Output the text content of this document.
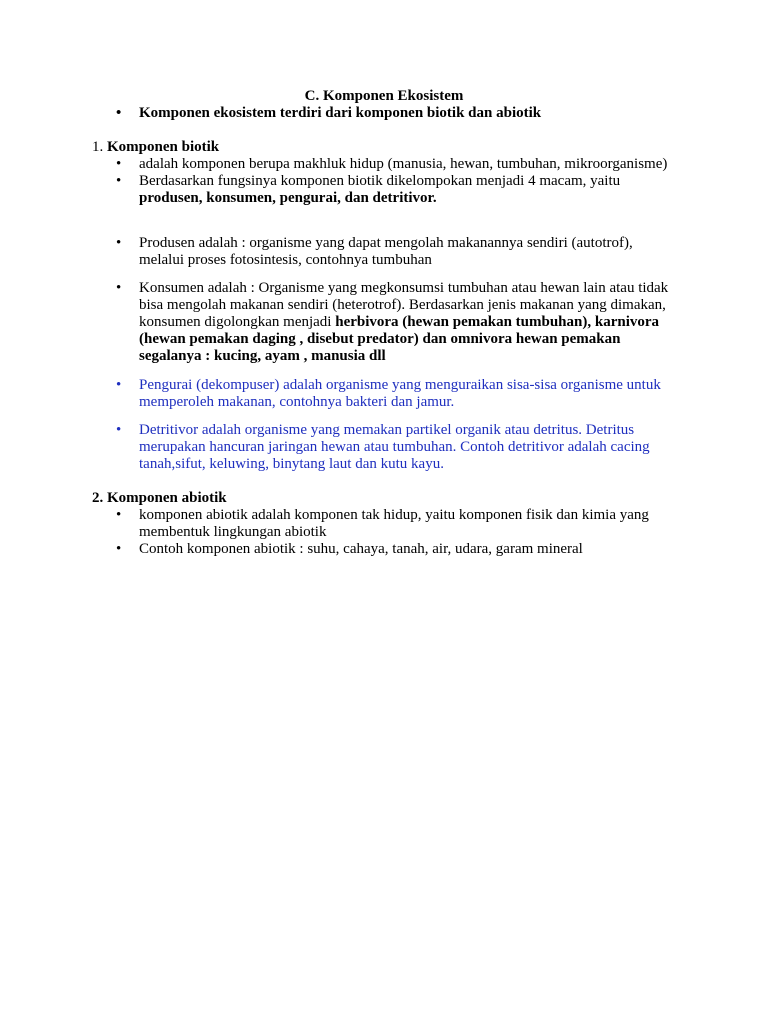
C. Komponen Ekosistem
• Komponen ekosistem terdiri dari komponen biotik dan abiotik
1. Komponen biotik
• adalah komponen berupa makhluk hidup (manusia, hewan, tumbuhan, mikroorganisme)
• Berdasarkan fungsinya komponen biotik dikelompokan menjadi 4 macam, yaitu produsen, konsumen, pengurai, dan detritivor.
• Produsen adalah : organisme yang dapat mengolah makanannya sendiri (autotrof), melalui proses fotosintesis, contohnya tumbuhan
• Konsumen adalah : Organisme yang megkonsumsi tumbuhan atau hewan lain atau tidak bisa mengolah makanan sendiri (heterotrof). Berdasarkan jenis makanan yang dimakan, konsumen digolongkan menjadi herbivora (hewan pemakan tumbuhan), karnivora (hewan pemakan daging , disebut predator) dan omnivora hewan pemakan segalanya : kucing, ayam , manusia dll
• Pengurai (dekompuser) adalah organisme yang menguraikan sisa-sisa organisme untuk memperoleh makanan, contohnya bakteri dan jamur.
• Detritivor adalah organisme yang memakan partikel organik atau detritus. Detritus merupakan hancuran jaringan hewan atau tumbuhan. Contoh detritivor adalah cacing tanah,sifut, keluwing, binytang laut dan kutu kayu.
2. Komponen abiotik
• komponen abiotik adalah komponen tak hidup, yaitu komponen fisik dan kimia yang membentuk lingkungan abiotik
• Contoh komponen abiotik : suhu, cahaya, tanah, air, udara, garam mineral
